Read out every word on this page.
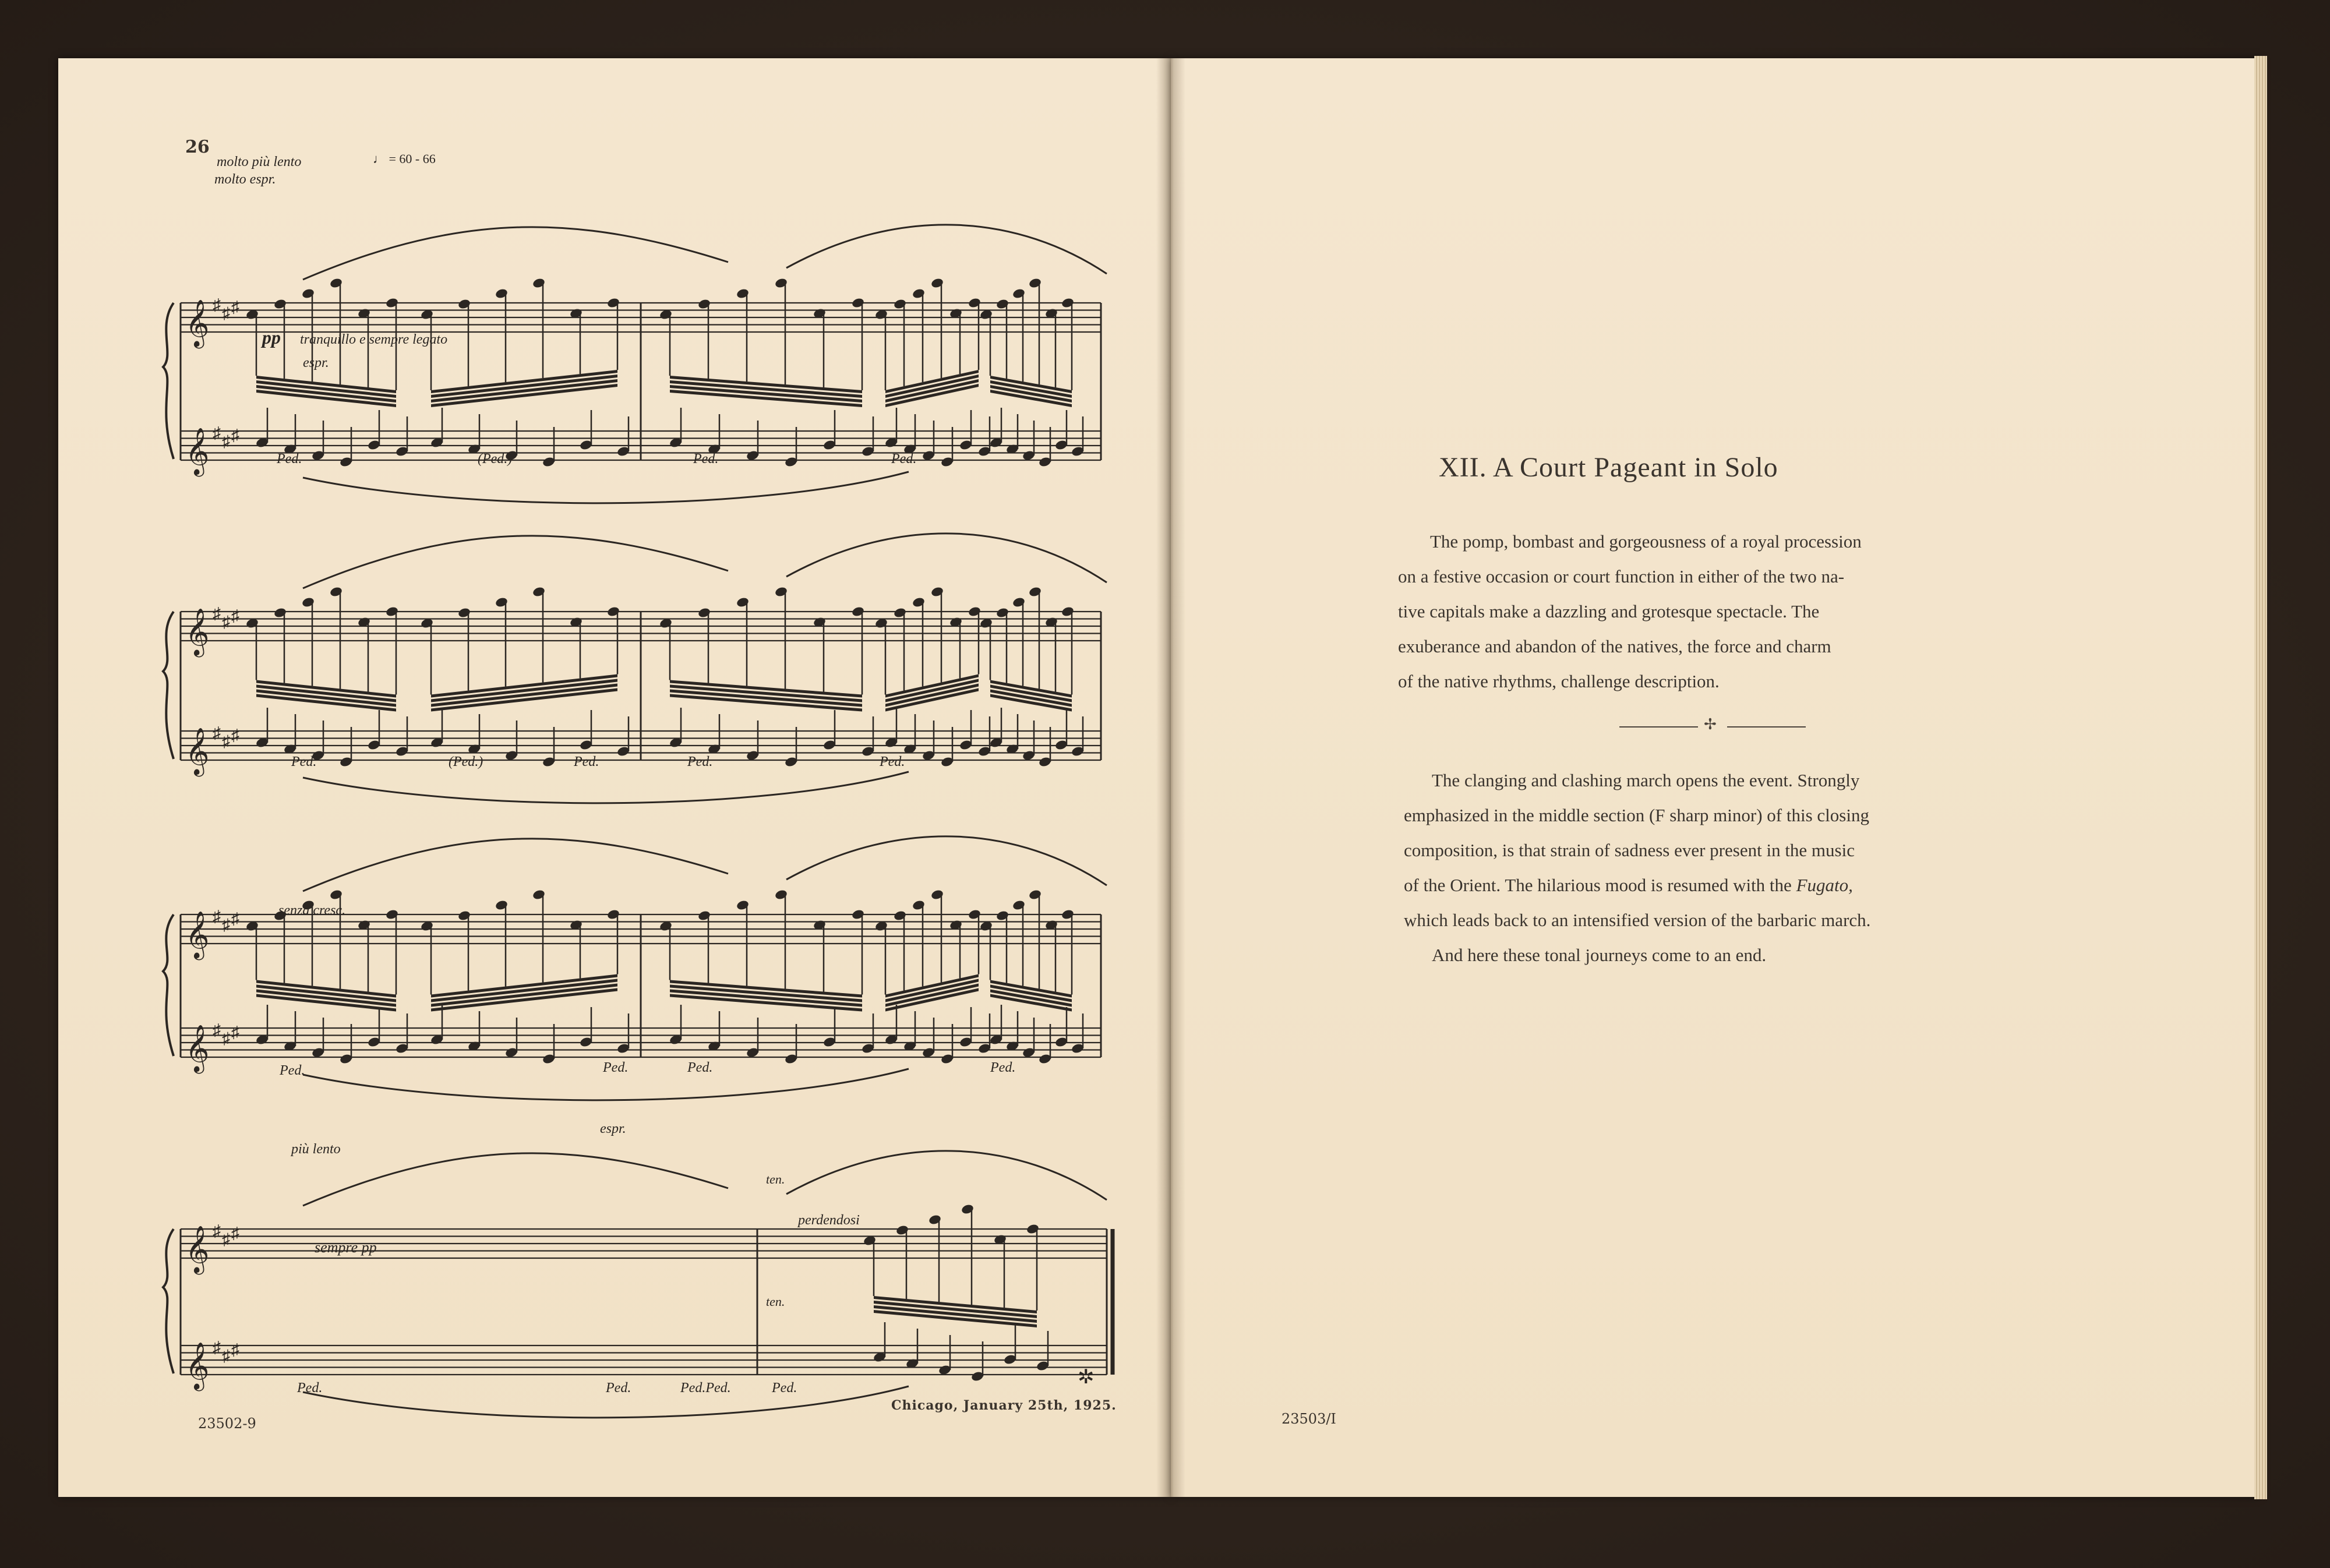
𝄞 ♯ ♯ ♯
𝄞 ♯ ♯ ♯
𝄞 ♯ ♯ ♯
𝄞 ♯ ♯ ♯
𝄞 ♯ ♯ ♯
𝄞 ♯ ♯ ♯
𝄞 ♯ ♯ ♯
𝄞 ♯ ♯ ♯
molto più lento	♩ = 60 - 66
molto espr.
pp tranquillo e sempre legato
espr.
senza cresc.
più lento
espr.
sempre pp
perdendosi
ten.
ten.
Ped.	(Ped.)	Ped.	Ped.
Ped.	(Ped.)	Ped.	Ped.	Ped.
Ped.	Ped.	Ped.	Ped.
Ped.	Ped.	Ped.Ped.	Ped.	✲
26
23502-9
Chicago, January 25th, 1925.
XII. A Court Pageant in Solo
The pomp, bombast and gorgeousness of a royal procession
on a festive occasion or court function in either of the two na-
tive capitals make a dazzling and grotesque spectacle. The
exuberance and abandon of the natives, the force and charm
of the native rhythms, challenge description.
✢
The clanging and clashing march opens the event. Strongly
emphasized in the middle section (F sharp minor) of this closing
composition, is that strain of sadness ever present in the music
of the Orient. The hilarious mood is resumed with the Fugato,
which leads back to an intensified version of the barbaric march.
And here these tonal journeys come to an end.
23503/I
